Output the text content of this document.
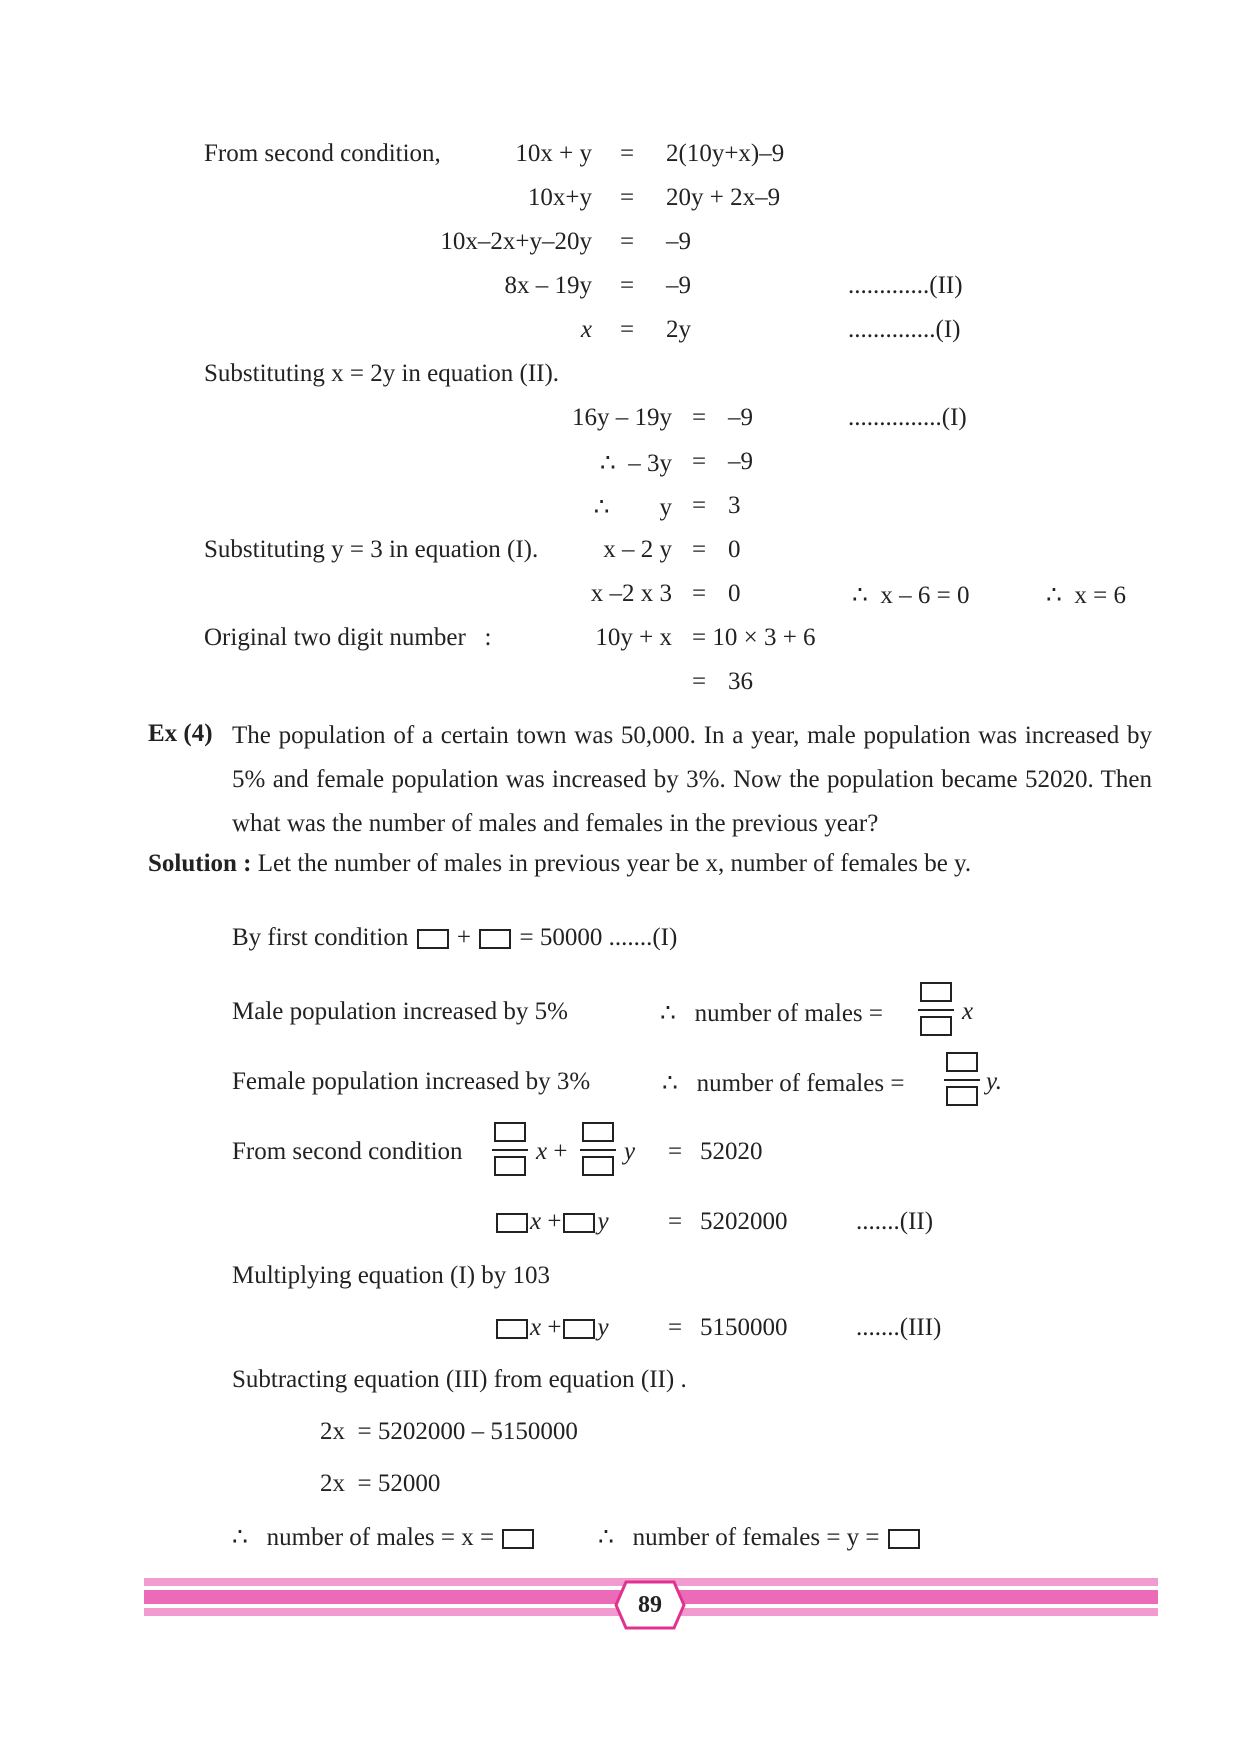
From second condition,	10x + y = 2(10y+x)–9
10x+y = 20y + 2x–9
10x–2x+y–20y = –9
8x – 19y = –9	.............(II)
x = 2y	..............(I)
Substituting x = 2y in equation (II).
16y – 19y = –9	...............(I)
∴  – 3y = –9
∴        y = 3
Substituting y = 3 in equation (I).	x – 2 y = 0
x –2 x 3 = 0	∴  x – 6 = 0	∴  x = 6
Original two digit number   :	10y + x = 10 × 3 + 6
= 36
Ex (4) The population of a certain town was 50,000. In a year, male population was increased by 5% and female population was increased by 3%. Now the population became 52020. Then what was the number of males and females in the previous year?
Solution : Let the number of males in previous year be x, number of females be y.
By first condition + = 50000 .......(I)
Male population increased by 5%	∴   number of males =	x
Female population increased by 3%	∴   number of females =	y.
From second condition	x + y = 52020
x + y = 5202000	.......(II)
Multiplying equation (I) by 103
x + y = 5150000	.......(III)
Subtracting equation (III) from equation (II) .
2x  = 5202000 – 5150000
2x  = 52000
∴   number of males = x =	∴   number of females = y =
89
